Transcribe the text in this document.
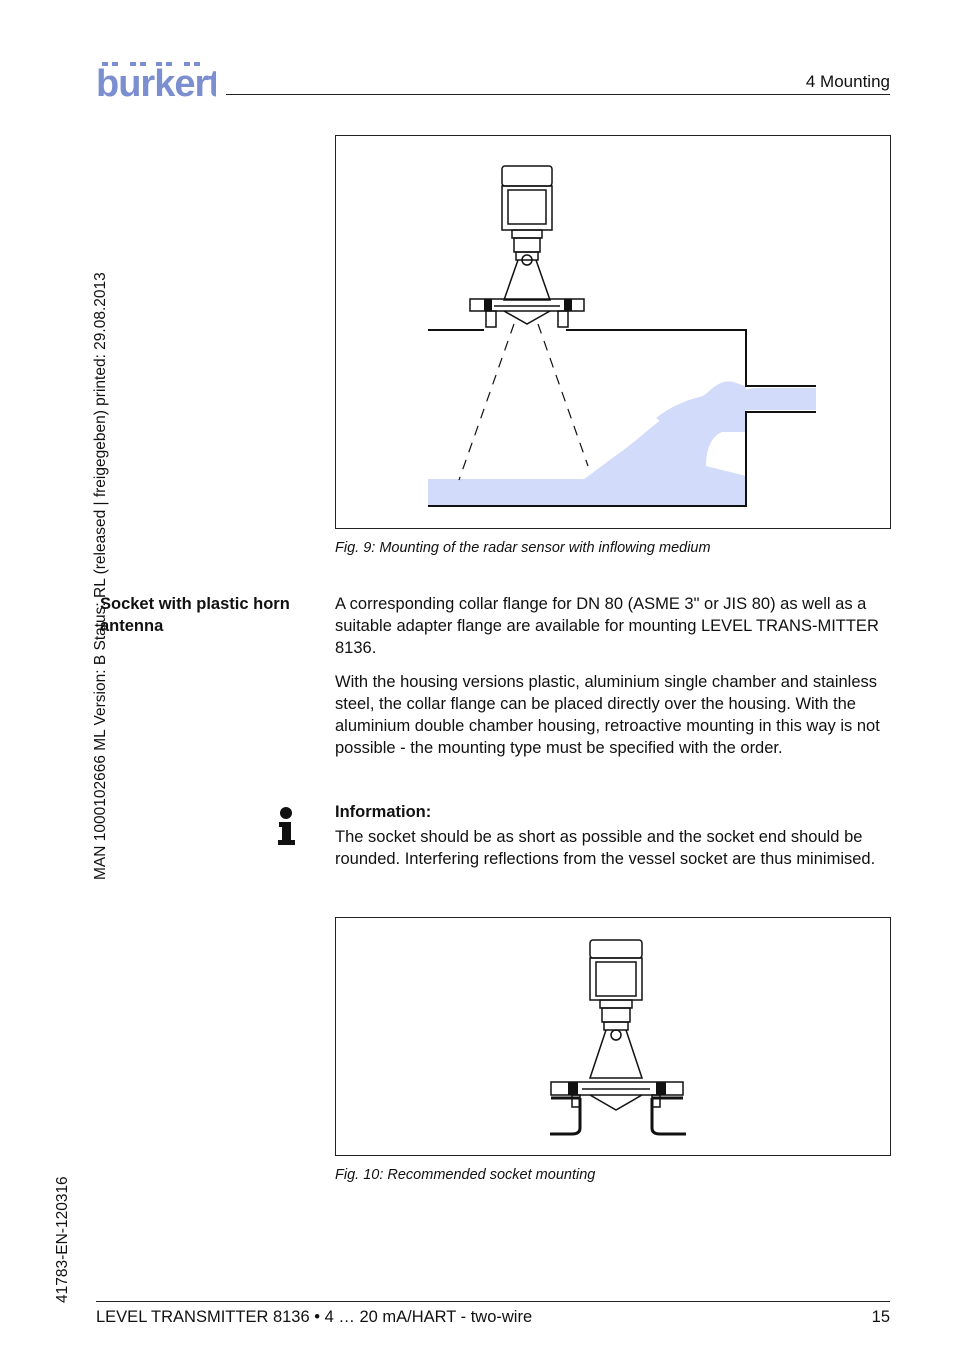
burkert	4 Mounting
MAN 1000102666 ML Version: B Status: RL (released | freigegeben) printed: 29.08.2013
41783-EN-120316
Fig. 9: Mounting of the radar sensor with inflowing medium
Socket with plastic horn antenna
A corresponding collar flange for DN 80 (ASME 3" or JIS 80) as well as a suitable adapter flange are available for mounting LEVEL TRANS-MITTER 8136.
With the housing versions plastic, aluminium single chamber and stainless steel, the collar flange can be placed directly over the housing. With the aluminium double chamber housing, retroactive mounting in this way is not possible - the mounting type must be specified with the order.
Information:
The socket should be as short as possible and the socket end should be rounded. Interfering reflections from the vessel socket are thus minimised.
Fig. 10: Recommended socket mounting
LEVEL TRANSMITTER 8136 • 4 … 20 mA/HART - two-wire	15
